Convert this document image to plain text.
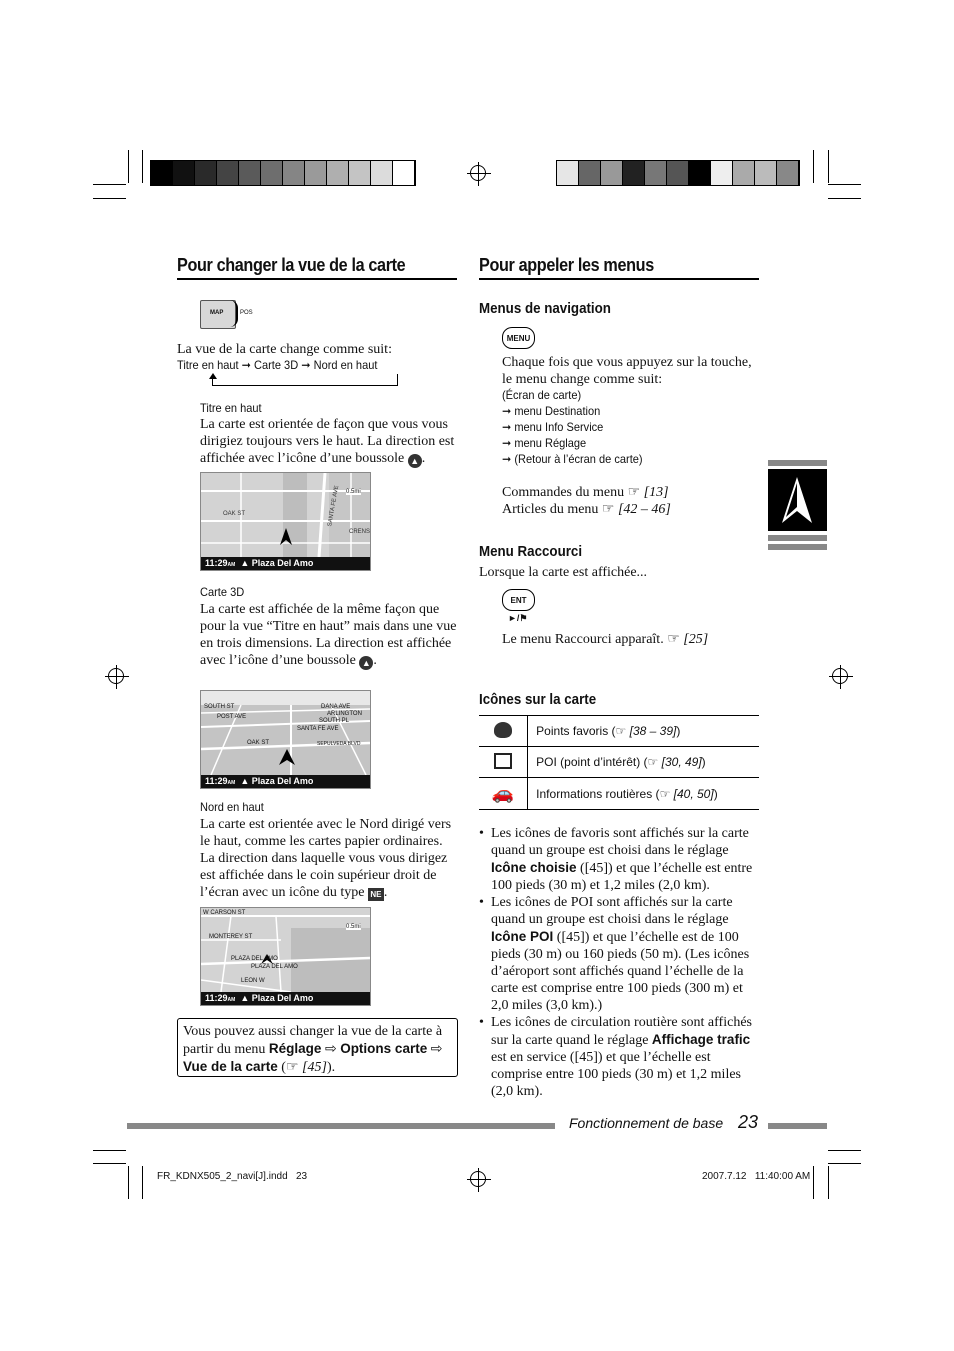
Pour changer la vue de la carte
MAP	POS
La vue de la carte change comme suit:
Titre en haut ➞ Carte 3D ➞ Nord en haut
Titre en haut
La carte est orientée de façon que vous vous dirigiez toujours vers le haut. La direction est affichée avec l’icône d’une boussole ▲ .
OAK ST	SANTA FE AVE
CRENS
0.5mi
11:29AM  ▲ Plaza Del Amo
Carte 3D
La carte est affichée de la même façon que pour la vue “Titre en haut” mais dans une vue en trois dimensions. La direction est affichée avec l’icône d’une boussole ▲ .
SOUTH ST
POST AVE
SANTA FE AVE
OAK ST
DANA AVE
ARLINGTON
SOUTH PL
SEPULVEDA BLVD
11:29AM  ▲ Plaza Del Amo
Nord en haut
La carte est orientée avec le Nord dirigé vers le haut, comme les cartes papier ordinaires. La direction dans laquelle vous vous dirigez est affichée dans le coin supérieur droit de l’écran avec un icône du type NE .
W CARSON ST
MONTEREY ST
PLAZA DEL AMO
PLAZA DEL AMO
LEON W
0.5mi
11:29AM  ▲ Plaza Del Amo
Vous pouvez aussi changer la vue de la carte à partir du menu Réglage ⇨ Options carte ⇨ Vue de la carte (☞ [45]).
Pour appeler les menus
Menus de navigation
MENU
Chaque fois que vous appuyez sur la touche, le menu change comme suit:
(Écran de carte)
➞ menu Destination
➞ menu Info Service
➞ menu Réglage
➞ (Retour à l’écran de carte)
Commandes du menu ☞ [13]
Articles du menu ☞ [42 – 46]
Menu Raccourci
Lorsque la carte est affichée...
ENT
►/⚑
Le menu Raccourci apparaît. ☞ [25]
Icônes sur la carte
	Points favoris (☞ [38 – 39])
	POI (point d’intérêt) (☞ [30, 49])
🚗	Informations routières (☞ [40, 50])
• Les icônes de favoris sont affichés sur la carte quand un groupe est choisi dans le réglage Icône choisie ([45]) et que l’échelle est entre 100 pieds (30 m) et 1,2 miles (2,0 km).
• Les icônes de POI sont affichés sur la carte quand un groupe est choisi dans le réglage Icône POI ([45]) et que l’échelle est de 100 pieds (30 m) ou 160 pieds (50 m). (Les icônes d’aéroport sont affichés quand l’échelle de la carte est comprise entre 100 pieds (300 m) et 2,0 miles (3,0 km).)
• Les icônes de circulation routière sont affichés sur la carte quand le réglage Affichage trafic est en service ([45]) et que l’échelle est comprise entre 100 pieds (30 m) et 1,2 miles (2,0 km).
Fonctionnement de base 23
FR_KDNX505_2_navi[J].indd   23	2007.7.12   11:40:00 AM
